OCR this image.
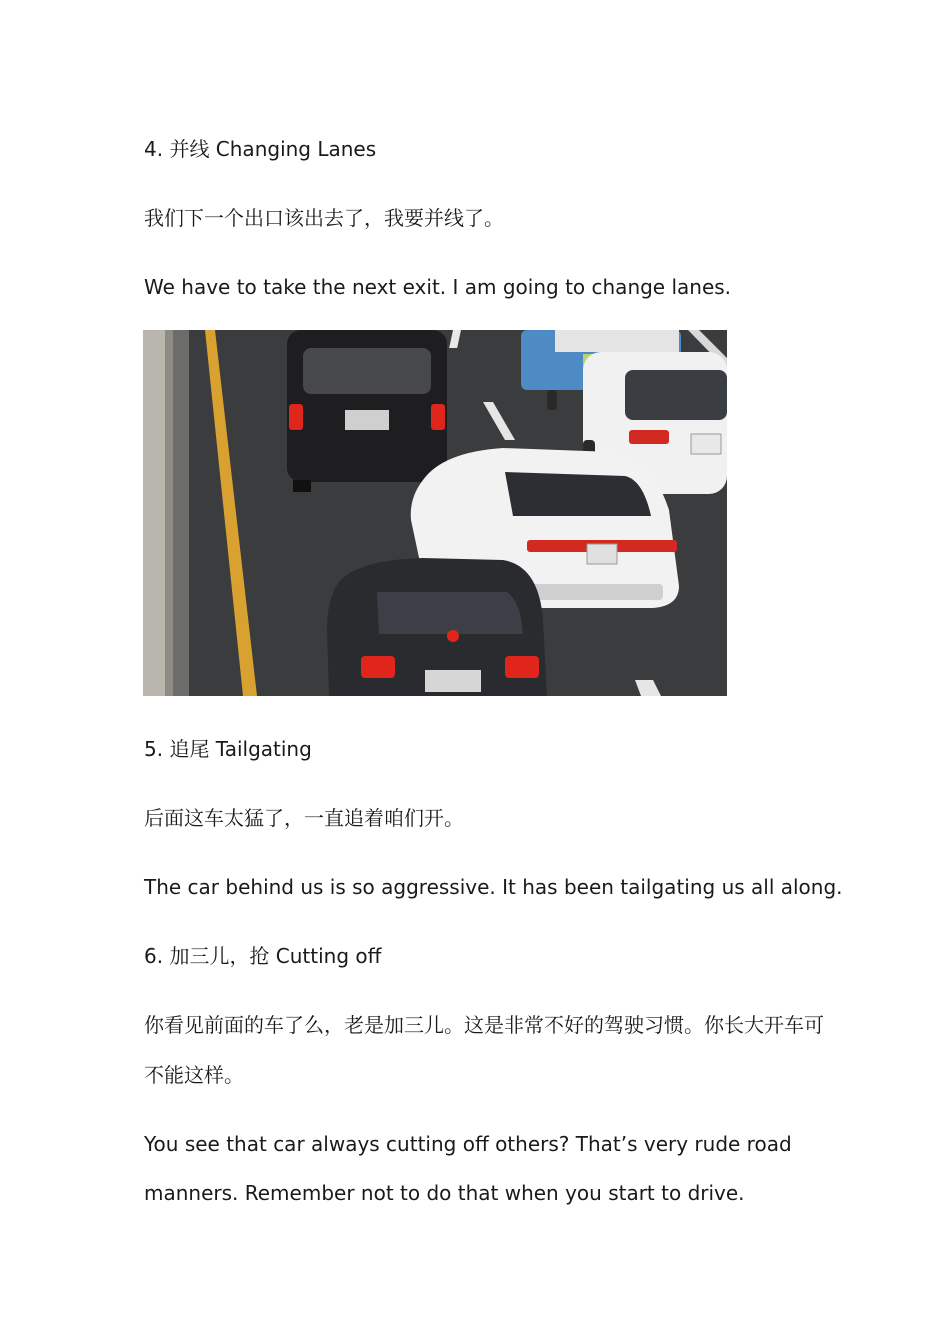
4. 并线 Changing Lanes
我们下一个出口该出去了，我要并线了。
We have to take the next exit. I am going to change lanes.
5. 追尾 Tailgating
后面这车太猛了，一直追着咱们开。
The car behind us is so aggressive. It has been tailgating us all along.
6. 加三儿，抢 Cutting off
你看见前面的车了么，老是加三儿。这是非常不好的驾驶习惯。你长大开车可
不能这样。
You see that car always cutting off others? That’s very rude road
manners. Remember not to do that when you start to drive.
